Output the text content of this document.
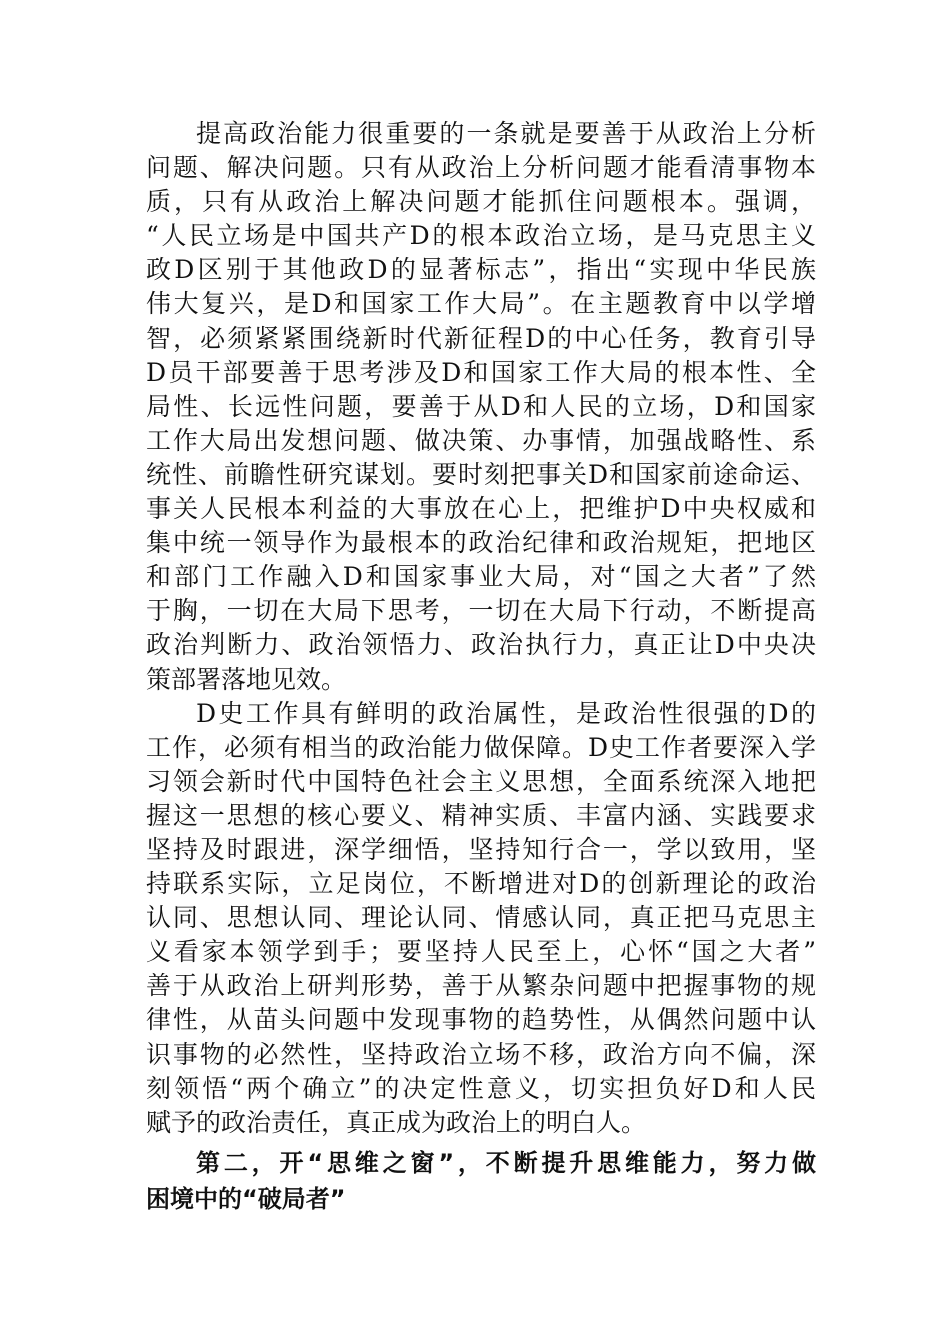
提高政治能力很重要的一条就是要善于从政治上分析
问题、解决问题。只有从政治上分析问题才能看清事物本
质，只有从政治上解决问题才能抓住问题根本。强调，
“人民立场是中国共产D的根本政治立场，是马克思主义
政D区别于其他政D的显著标志”，指出“实现中华民族
伟大复兴，是D和国家工作大局”。在主题教育中以学增
智，必须紧紧围绕新时代新征程D的中心任务，教育引导
D员干部要善于思考涉及D和国家工作大局的根本性、全
局性、长远性问题，要善于从D和人民的立场，D和国家
工作大局出发想问题、做决策、办事情，加强战略性、系
统性、前瞻性研究谋划。要时刻把事关D和国家前途命运、
事关人民根本利益的大事放在心上，把维护D中央权威和
集中统一领导作为最根本的政治纪律和政治规矩，把地区
和部门工作融入D和国家事业大局，对“国之大者”了然
于胸，一切在大局下思考，一切在大局下行动，不断提高
政治判断力、政治领悟力、政治执行力，真正让D中央决
策部署落地见效。
D史工作具有鲜明的政治属性，是政治性很强的D的
工作，必须有相当的政治能力做保障。D史工作者要深入学
习领会新时代中国特色社会主义思想，全面系统深入地把
握这一思想的核心要义、精神实质、丰富内涵、实践要求
坚持及时跟进，深学细悟，坚持知行合一，学以致用，坚
持联系实际，立足岗位，不断增进对D的创新理论的政治
认同、思想认同、理论认同、情感认同，真正把马克思主
义看家本领学到手；要坚持人民至上，心怀“国之大者”
善于从政治上研判形势，善于从繁杂问题中把握事物的规
律性，从苗头问题中发现事物的趋势性，从偶然问题中认
识事物的必然性，坚持政治立场不移，政治方向不偏，深
刻领悟“两个确立”的决定性意义，切实担负好D和人民
赋予的政治责任，真正成为政治上的明白人。
第二，开“思维之窗”，不断提升思维能力，努力做
困境中的“破局者”
